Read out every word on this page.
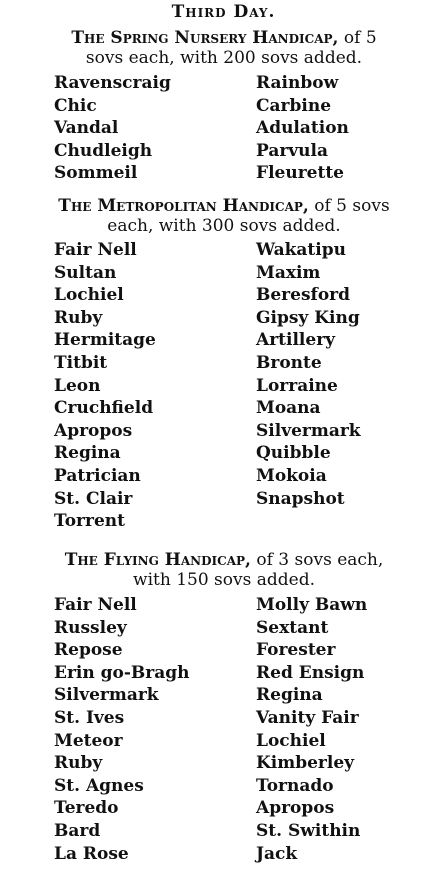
Third Day.
The Spring Nursery Handicap, of 5
sovs each, with 200 sovs added.
Ravenscraig
Chic
Vandal
Chudleigh
Sommeil
Rainbow
Carbine
Adulation
Parvula
Fleurette
The Metropolitan Handicap, of 5 sovs
each, with 300 sovs added.
Fair Nell
Sultan
Lochiel
Ruby
Hermitage
Titbit
Leon
Cruchfield
Apropos
Regina
Patrician
St. Clair
Torrent
Wakatipu
Maxim
Beresford
Gipsy King
Artillery
Bronte
Lorraine
Moana
Silvermark
Quibble
Mokoia
Snapshot
The Flying Handicap, of 3 sovs each,
with 150 sovs added.
Fair Nell
Russley
Repose
Erin go-Bragh
Silvermark
St. Ives
Meteor
Ruby
St. Agnes
Teredo
Bard
La Rose
Molly Bawn
Sextant
Forester
Red Ensign
Regina
Vanity Fair
Lochiel
Kimberley
Tornado
Apropos
St. Swithin
Jack
